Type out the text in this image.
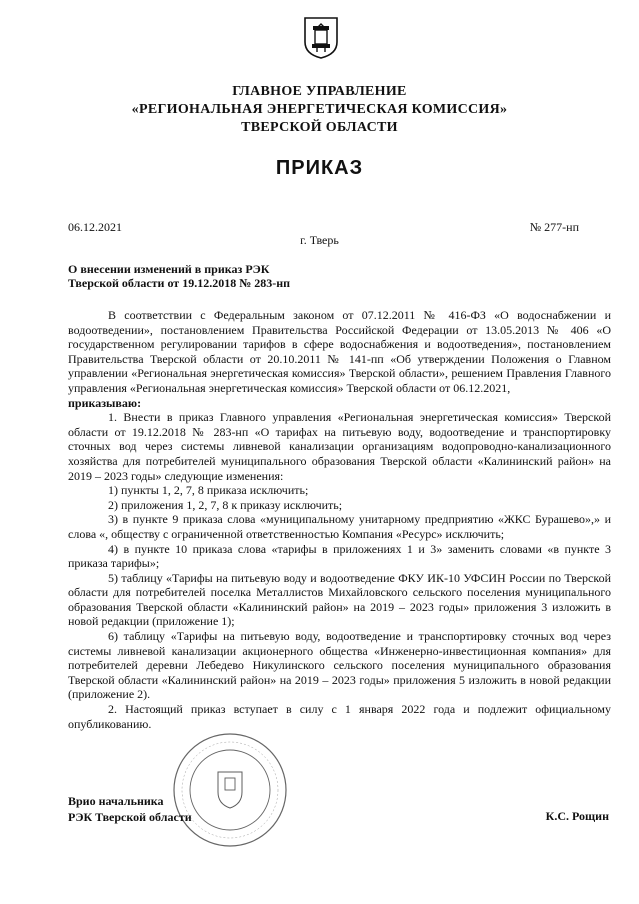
ГЛАВНОЕ УПРАВЛЕНИЕ
«РЕГИОНАЛЬНАЯ ЭНЕРГЕТИЧЕСКАЯ КОМИССИЯ»
ТВЕРСКОЙ ОБЛАСТИ
ПРИКАЗ
06.12.2021	№ 277-нп
г. Тверь
О внесении изменений в приказ РЭК
Тверской области от 19.12.2018 № 283-нп

В соответствии с Федеральным законом от 07.12.2011 № 416-ФЗ «О водоснабжении и водоотведении», постановлением Правительства Российской Федерации от 13.05.2013 № 406 «О государственном регулировании тарифов в сфере водоснабжения и водоотведения», постановлением Правительства Тверской области от 20.10.2011 № 141-пп «Об утверждении Положения о Главном управлении «Региональная энергетическая комиссия» Тверской области», решением Правления Главного управления «Региональная энергетическая комиссия» Тверской области от 06.12.2021,

приказываю:

1. Внести в приказ Главного управления «Региональная энергетическая комиссия» Тверской области от 19.12.2018 № 283-нп «О тарифах на питьевую воду, водоотведение и транспортировку сточных вод через системы ливневой канализации организациям водопроводно-канализационного хозяйства для потребителей муниципального образования Тверской области «Калининский район» на 2019 – 2023 годы» следующие изменения:

1) пункты 1, 2, 7, 8 приказа исключить;

2) приложения 1, 2, 7, 8 к приказу исключить;

3) в пункте 9 приказа слова «муниципальному унитарному предприятию «ЖКС Бурашево»,» и слова «, обществу с ограниченной ответственностью Компания «Ресурс» исключить;

4) в пункте 10 приказа слова «тарифы в приложениях 1 и 3» заменить словами «в пункте 3 приказа тарифы»;

5) таблицу «Тарифы на питьевую воду и водоотведение ФКУ ИК-10 УФСИН России по Тверской области для потребителей поселка Металлистов Михайловского сельского поселения муниципального образования Тверской области «Калининский район» на 2019 – 2023 годы» приложения 3 изложить в новой редакции (приложение 1);

6) таблицу «Тарифы на питьевую воду, водоотведение и транспортировку сточных вод через системы ливневой канализации акционерного общества «Инженерно-инвестиционная компания» для потребителей деревни Лебедево Никулинского сельского поселения муниципального образования Тверской области «Калининский район» на 2019 – 2023 годы» приложения 5 изложить в новой редакции (приложение 2).

2. Настоящий приказ вступает в силу с 1 января 2022 года и подлежит официальному опубликованию.

Врио начальника
РЭК Тверской области	К.С. Рощин
